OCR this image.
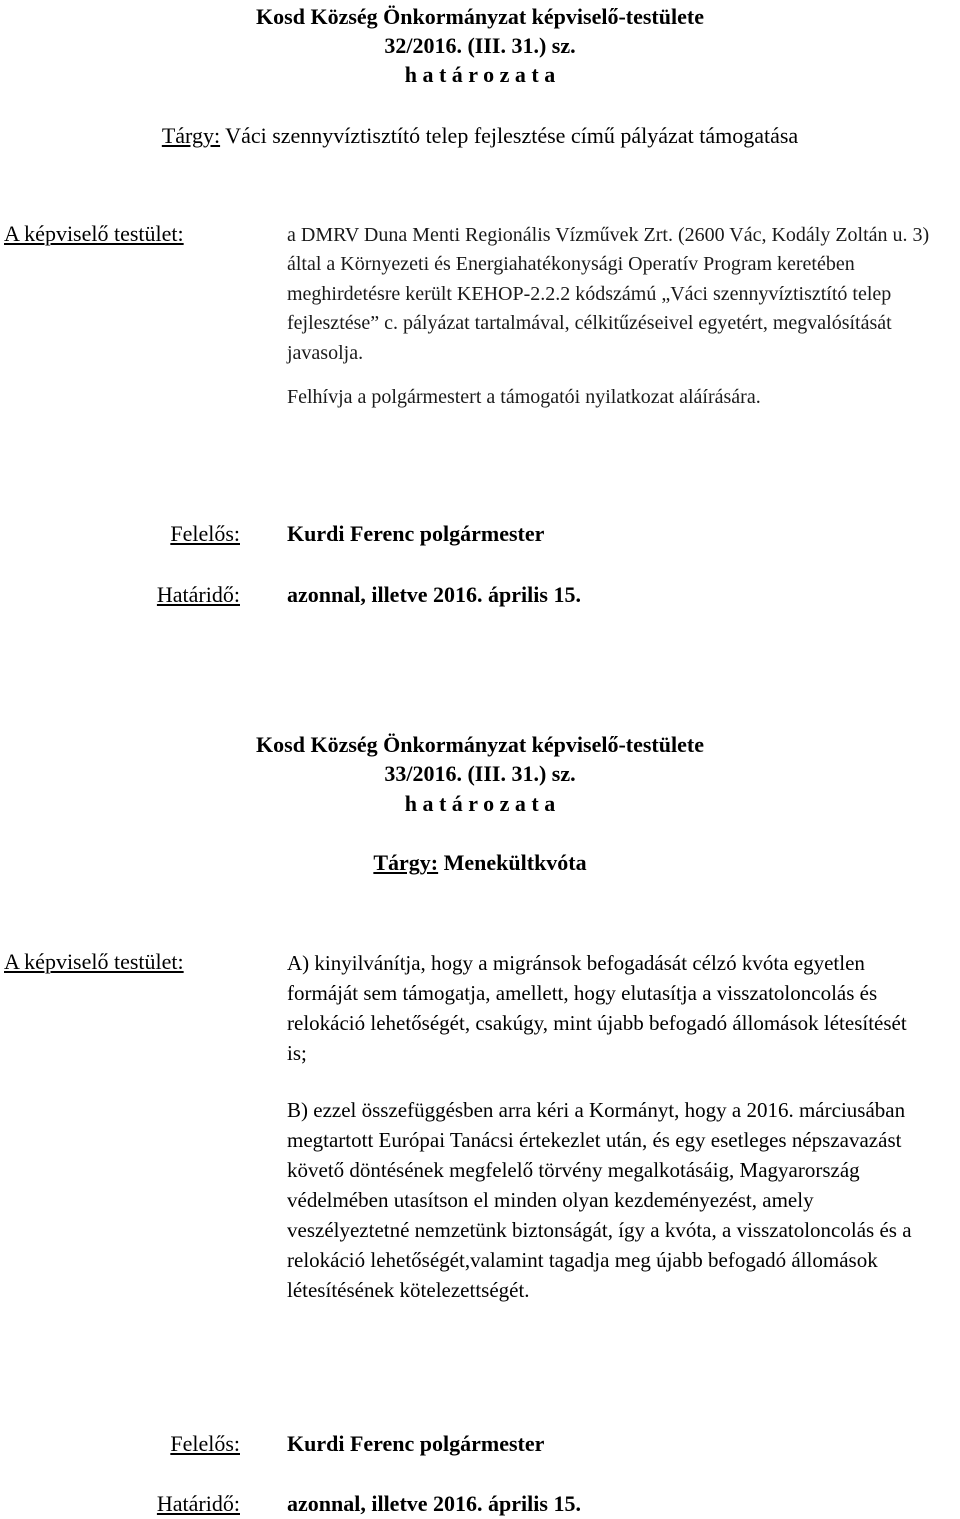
Kosd Község Önkormányzat képviselő-testülete
32/2016. (III. 31.) sz.
h a t á r o z a t a
Tárgy: Váci szennyvíztisztító telep fejlesztése című pályázat támogatása
A képviselő testület:	a DMRV Duna Menti Regionális Vízművek Zrt. (2600 Vác, Kodály Zoltán u. 3) által a Környezeti és Energiahatékonysági Operatív Program keretében meghirdetésre került KEHOP-2.2.2 kódszámú „Váci szennyvíztisztító telep fejlesztése” c. pályázat tartalmával, célkitűzéseivel egyetért, megvalósítását javasolja.

Felhívja a polgármestert a támogatói nyilatkozat aláírására.

Felelős: Kurdi Ferenc polgármester
Határidő: azonnal, illetve 2016. április 15.
Kosd Község Önkormányzat képviselő-testülete
33/2016. (III. 31.) sz.
h a t á r o z a t a
Tárgy: Menekültkvóta
A képviselő testület:	A) kinyilvánítja, hogy a migránsok befogadását célzó kvóta egyetlen formáját sem támogatja, amellett, hogy elutasítja a visszatoloncolás és relokáció lehetőségét, csakúgy, mint újabb befogadó állomások létesítését is;

B) ezzel összefüggésben arra kéri a Kormányt, hogy a 2016. márciusában megtartott Európai Tanácsi értekezlet után, és egy esetleges népszavazást követő döntésének megfelelő törvény megalkotásáig, Magyarország védelmében utasítson el minden olyan kezdeményezést, amely veszélyeztetné nemzetünk biztonságát, így a kvóta, a visszatoloncolás és a relokáció lehetőségét,valamint tagadja meg újabb befogadó állomások létesítésének kötelezettségét.

Felelős: Kurdi Ferenc polgármester
Határidő: azonnal, illetve 2016. április 15.
